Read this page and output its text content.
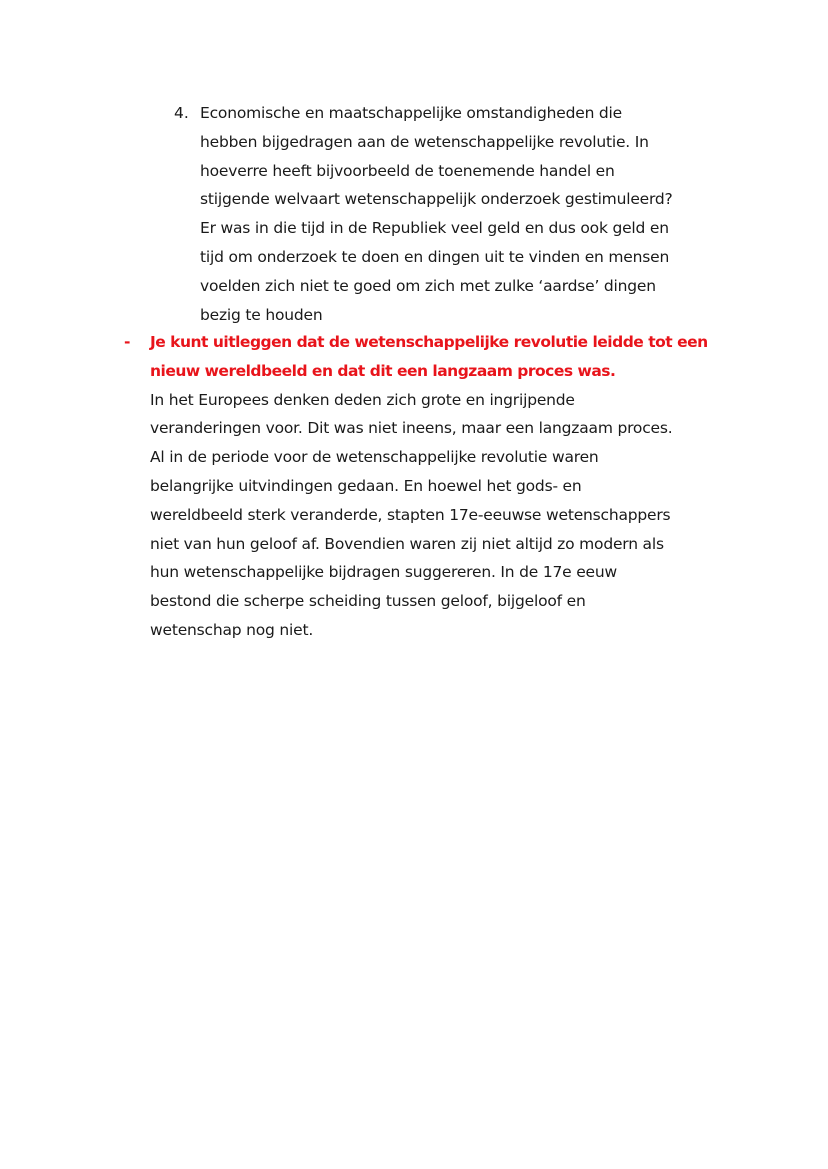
4. Economische en maatschappelijke omstandigheden die
hebben bijgedragen aan de wetenschappelijke revolutie. In
hoeverre heeft bijvoorbeeld de toenemende handel en
stijgende welvaart wetenschappelijk onderzoek gestimuleerd?
Er was in die tijd in de Republiek veel geld en dus ook geld en
tijd om onderzoek te doen en dingen uit te vinden en mensen
voelden zich niet te goed om zich met zulke ‘aardse’ dingen
bezig te houden
- Je kunt uitleggen dat de wetenschappelijke revolutie leidde tot een
nieuw wereldbeeld en dat dit een langzaam proces was.
In het Europees denken deden zich grote en ingrijpende
veranderingen voor. Dit was niet ineens, maar een langzaam proces.
Al in de periode voor de wetenschappelijke revolutie waren
belangrijke uitvindingen gedaan. En hoewel het gods- en
wereldbeeld sterk veranderde, stapten 17e-eeuwse wetenschappers
niet van hun geloof af. Bovendien waren zij niet altijd zo modern als
hun wetenschappelijke bijdragen suggereren. In de 17e eeuw
bestond die scherpe scheiding tussen geloof, bijgeloof en
wetenschap nog niet.
